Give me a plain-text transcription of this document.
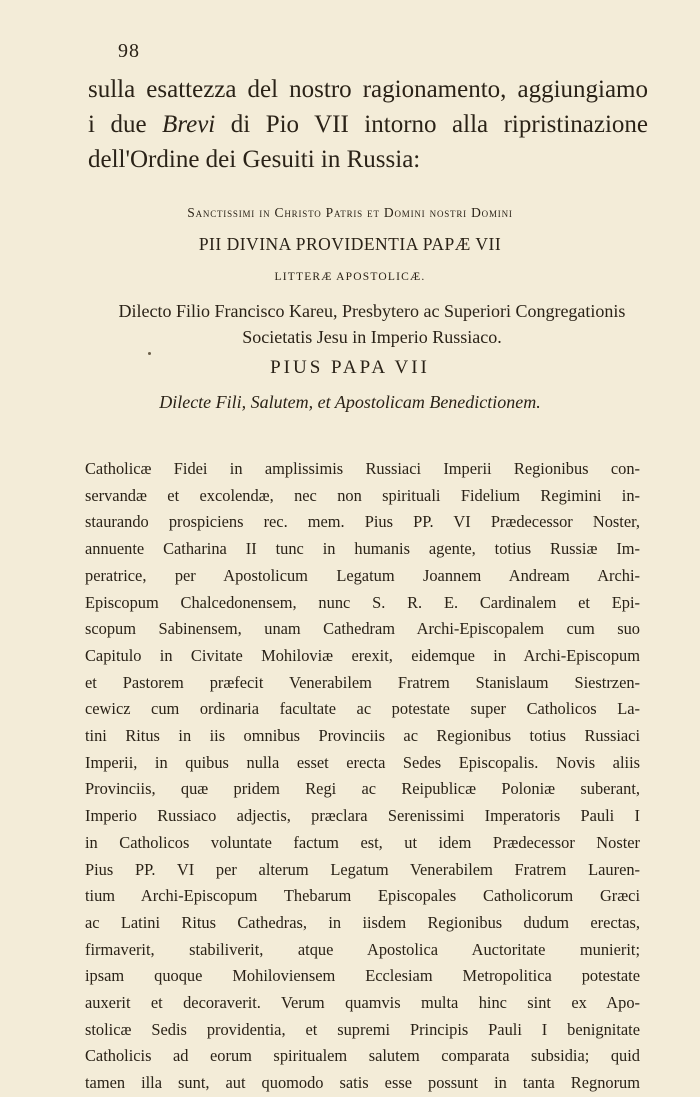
98
sulla esattezza del nostro ragionamento, aggiungiamo
i due Brevi di Pio VII intorno alla ripristinazione
dell'Ordine dei Gesuiti in Russia:
Sanctissimi in Christo Patris et Domini nostri Domini
PII DIVINA PROVIDENTIA PAPÆ VII
LITTERÆ APOSTOLICÆ.
Dilecto Filio Francisco Kareu, Presbytero ac Superiori Congregationis
Societatis Jesu in Imperio Russiaco.
PIUS PAPA VII
Dilecte Fili, Salutem, et Apostolicam Benedictionem.
Catholicæ Fidei in amplissimis Russiaci Imperii Regionibus con-
servandæ et excolendæ, nec non spirituali Fidelium Regimini in-
staurando prospiciens rec. mem. Pius PP. VI Prædecessor Noster,
annuente Catharina II tunc in humanis agente, totius Russiæ Im-
peratrice, per Apostolicum Legatum Joannem Andream Archi-
Episcopum Chalcedonensem, nunc S. R. E. Cardinalem et Epi-
scopum Sabinensem, unam Cathedram Archi-Episcopalem cum suo
Capitulo in Civitate Mohiloviæ erexit, eidemque in Archi-Episcopum
et Pastorem præfecit Venerabilem Fratrem Stanislaum Siestrzen-
cewicz cum ordinaria facultate ac potestate super Catholicos La-
tini Ritus in iis omnibus Provinciis ac Regionibus totius Russiaci
Imperii, in quibus nulla esset erecta Sedes Episcopalis. Novis aliis
Provinciis, quæ pridem Regi ac Reipublicæ Poloniæ suberant,
Imperio Russiaco adjectis, præclara Serenissimi Imperatoris Pauli I
in Catholicos voluntate factum est, ut idem Prædecessor Noster
Pius PP. VI per alterum Legatum Venerabilem Fratrem Lauren-
tium Archi-Episcopum Thebarum Episcopales Catholicorum Græci
ac Latini Ritus Cathedras, in iisdem Regionibus dudum erectas,
firmaverit, stabiliverit, atque Apostolica Auctoritate munierit;
ipsam quoque Mohiloviensem Ecclesiam Metropolitica potestate
auxerit et decoraverit. Verum quamvis multa hinc sint ex Apo-
stolicæ Sedis providentia, et supremi Principis Pauli I benignitate
Catholicis ad eorum spiritualem salutem comparata subsidia; quid
tamen illa sunt, aut quomodo satis esse possunt in tanta Regnorum
